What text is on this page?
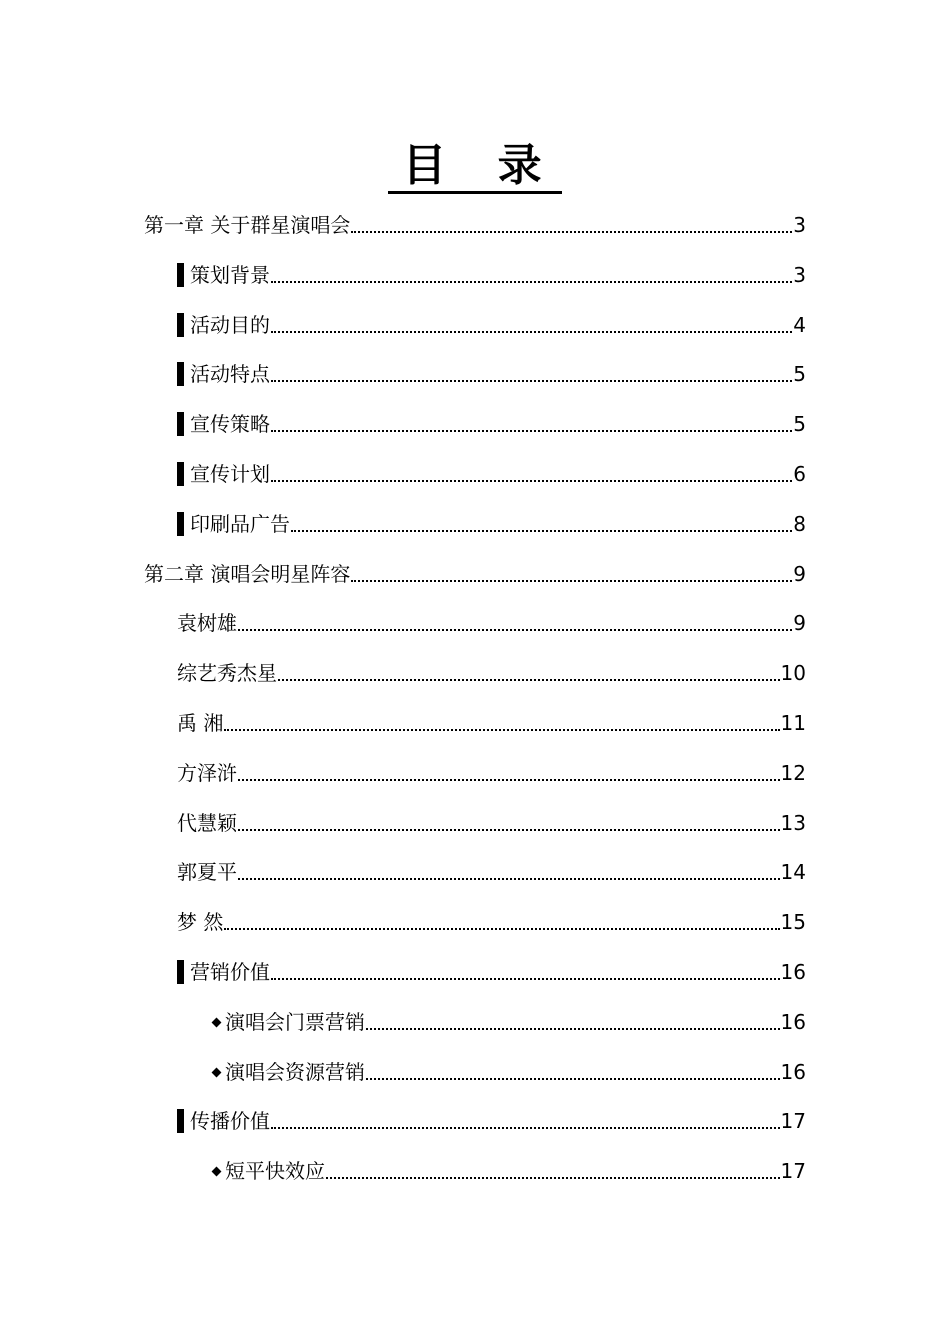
目 录
第一章 关于群星演唱会	3
策划背景	3
活动目的	4
活动特点	5
宣传策略	5
宣传计划	6
印刷品广告	8
第二章 演唱会明星阵容	9
袁树雄	9
综艺秀杰星	10
禹 湘	11
方泽浒	12
代慧颖	13
郭夏平	14
梦 然	15
营销价值	16
演唱会门票营销	16
演唱会资源营销	16
传播价值	17
短平快效应	17
